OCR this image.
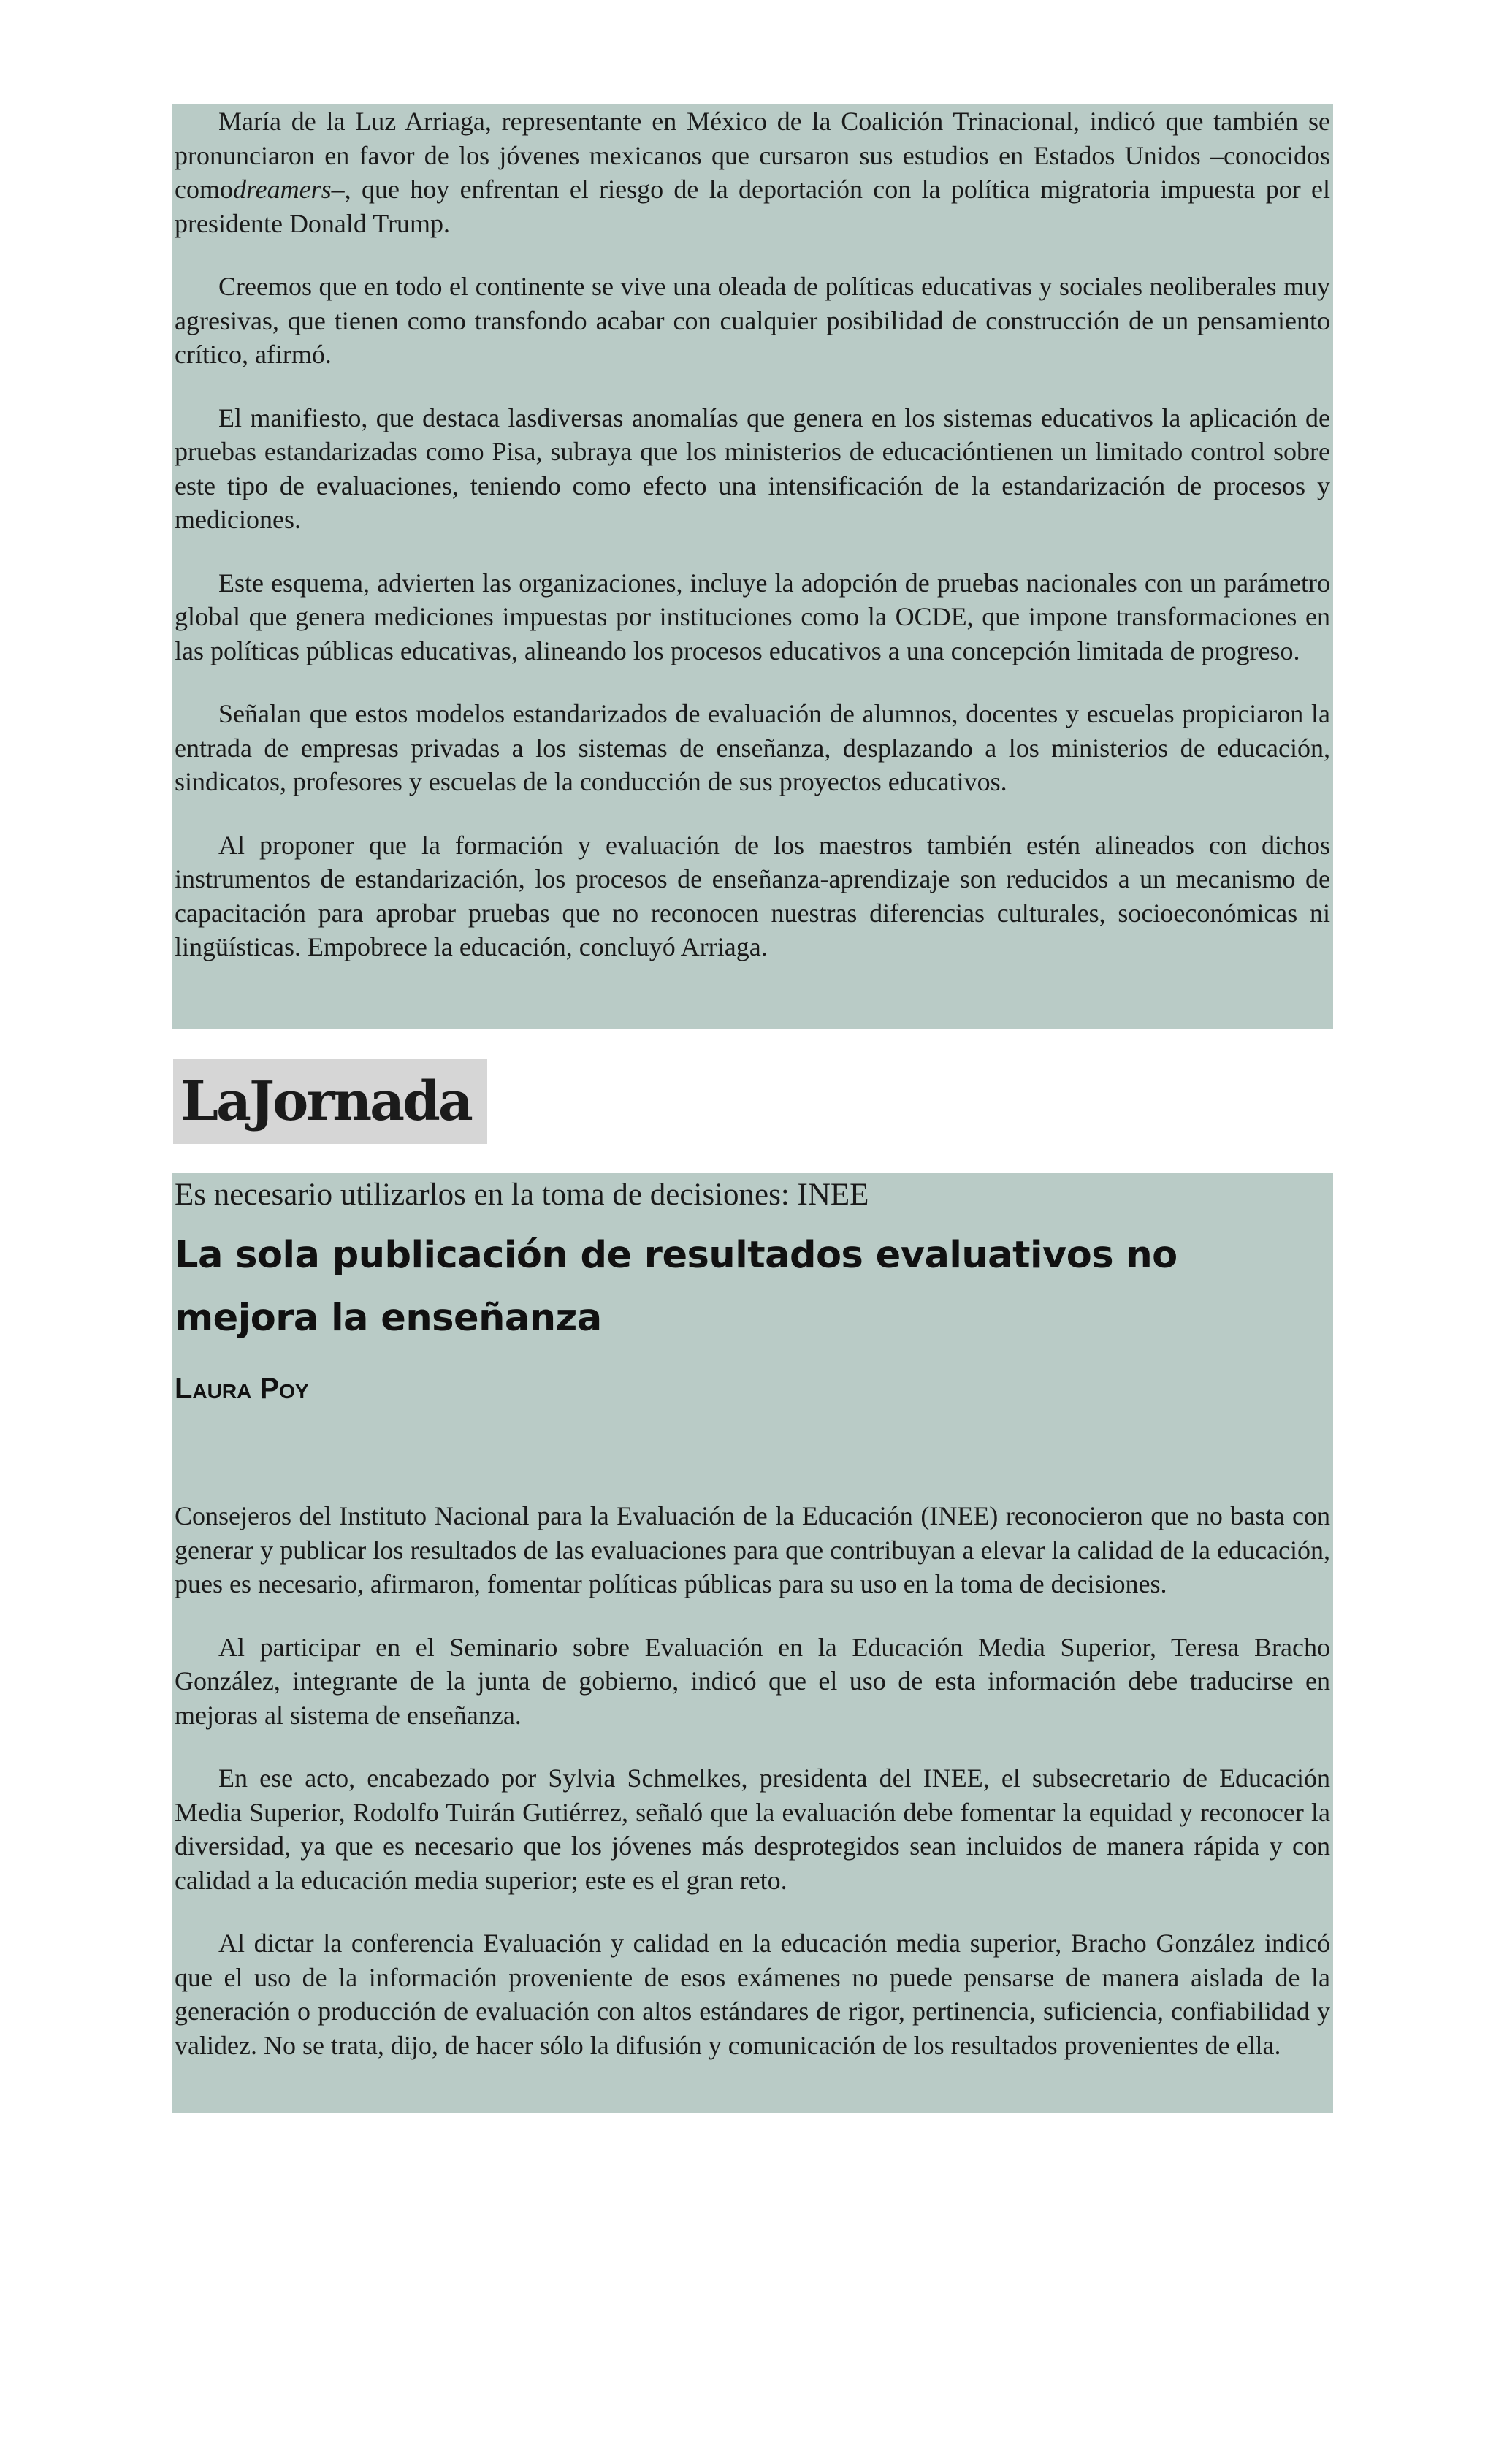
María de la Luz Arriaga, representante en México de la Coalición Trinacional, indicó que también se pronunciaron en favor de los jóvenes mexicanos que cursaron sus estudios en Estados Unidos –conocidos comodreamers–, que hoy enfrentan el riesgo de la deportación con la política migratoria impuesta por el presidente Donald Trump.

Creemos que en todo el continente se vive una oleada de políticas educativas y sociales neoliberales muy agresivas, que tienen como transfondo acabar con cualquier posibilidad de construcción de un pensamiento crítico, afirmó.

El manifiesto, que destaca lasdiversas anomalías que genera en los sistemas educativos la aplicación de pruebas estandarizadas como Pisa, subraya que los ministerios de educacióntienen un limitado control sobre este tipo de evaluaciones, teniendo como efecto una intensificación de la estandarización de procesos y mediciones.

Este esquema, advierten las organizaciones, incluye la adopción de pruebas nacionales con un parámetro global que genera mediciones impuestas por instituciones como la OCDE, que impone transformaciones en las políticas públicas educativas, alineando los procesos educativos a una concepción limitada de progreso.

Señalan que estos modelos estandarizados de evaluación de alumnos, docentes y escuelas propiciaron la entrada de empresas privadas a los sistemas de enseñanza, desplazando a los ministerios de educación, sindicatos, profesores y escuelas de la conducción de sus proyectos educativos.

Al proponer que la formación y evaluación de los maestros también estén alineados con dichos instrumentos de estandarización, los procesos de enseñanza-aprendizaje son reducidos a un mecanismo de capacitación para aprobar pruebas que no reconocen nuestras diferencias culturales, socioeconómicas ni lingüísticas. Empobrece la educación, concluyó Arriaga.

LaJornada

Es necesario utilizarlos en la toma de decisiones: INEE

La sola publicación de resultados evaluativos no mejora la enseñanza

Laura Poy

Consejeros del Instituto Nacional para la Evaluación de la Educación (INEE) reconocieron que no basta con generar y publicar los resultados de las evaluaciones para que contribuyan a elevar la calidad de la educación, pues es necesario, afirmaron, fomentar políticas públicas para su uso en la toma de decisiones.

Al participar en el Seminario sobre Evaluación en la Educación Media Superior, Teresa Bracho González, integrante de la junta de gobierno, indicó que el uso de esta información debe traducirse en mejoras al sistema de enseñanza.

En ese acto, encabezado por Sylvia Schmelkes, presidenta del INEE, el subsecretario de Educación Media Superior, Rodolfo Tuirán Gutiérrez, señaló que la evaluación debe fomentar la equidad y reconocer la diversidad, ya que es necesario que los jóvenes más desprotegidos sean incluidos de manera rápida y con calidad a la educación media superior; este es el gran reto.

Al dictar la conferencia Evaluación y calidad en la educación media superior, Bracho González indicó que el uso de la información proveniente de esos exámenes no puede pensarse de manera aislada de la generación o producción de evaluación con altos estándares de rigor, pertinencia, suficiencia, confiabilidad y validez. No se trata, dijo, de hacer sólo la difusión y comunicación de los resultados provenientes de ella.
